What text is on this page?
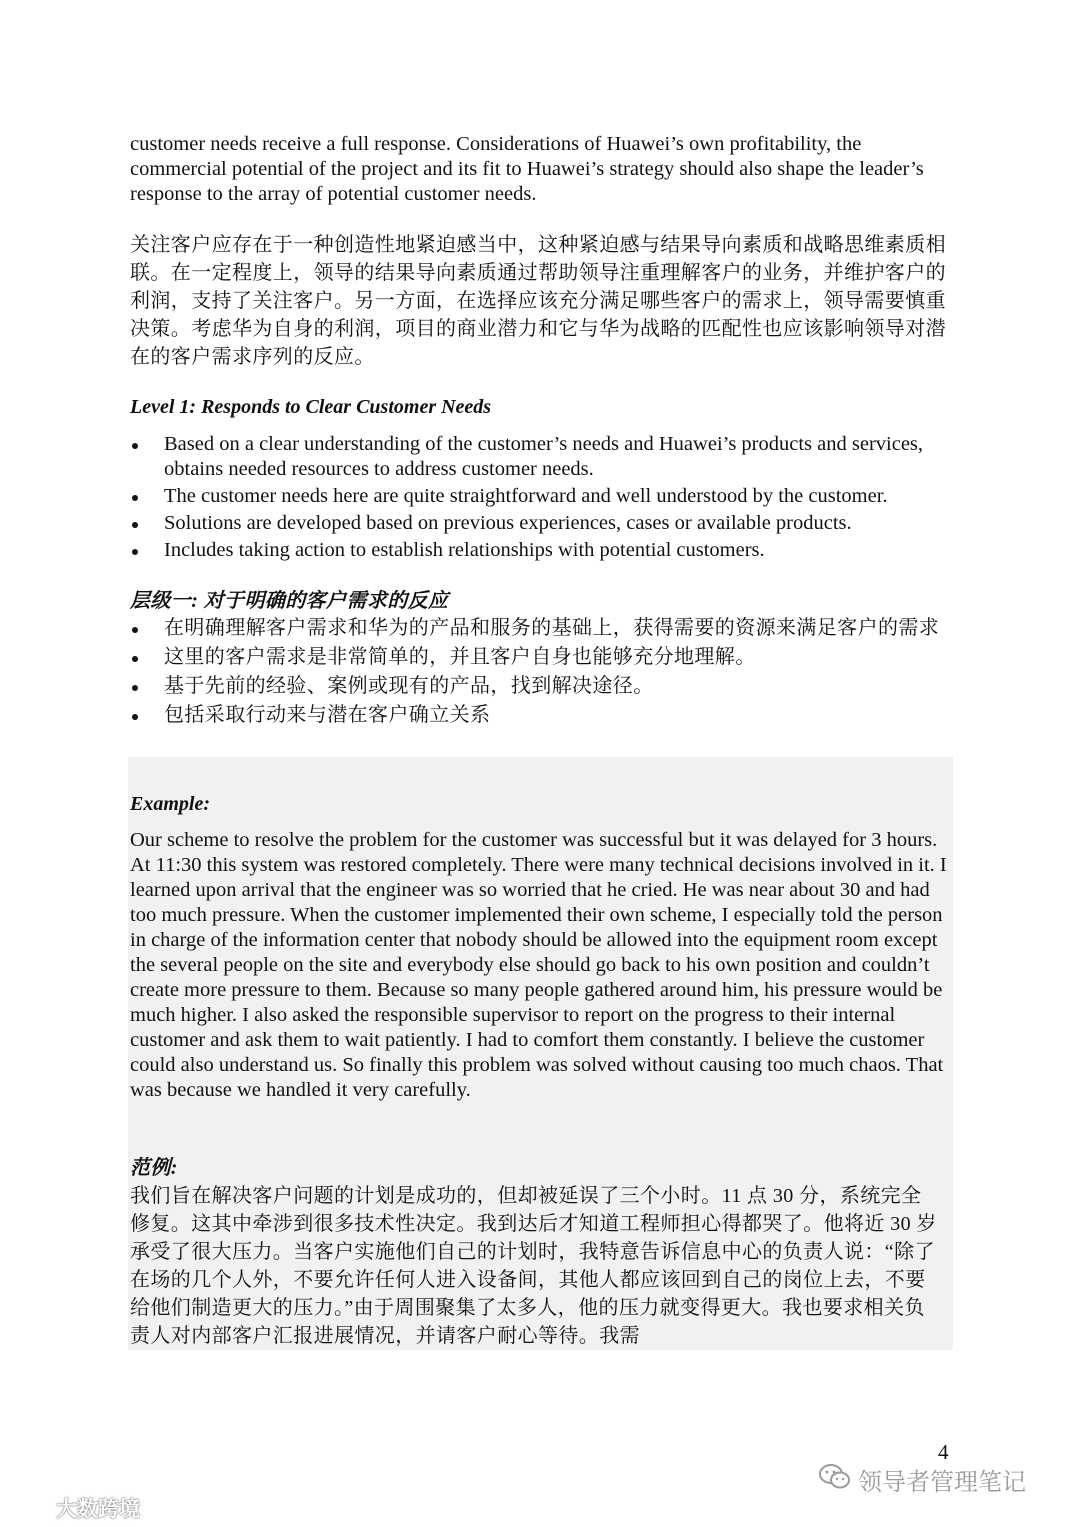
customer needs receive a full response. Considerations of Huawei’s own profitability, the commercial potential of the project and its fit to Huawei’s strategy should also shape the leader’s response to the array of potential customer needs.

关注客户应存在于一种创造性地紧迫感当中，这种紧迫感与结果导向素质和战略思维素质相联。在一定程度上，领导的结果导向素质通过帮助领导注重理解客户的业务，并维护客户的利润，支持了关注客户。另一方面，在选择应该充分满足哪些客户的需求上，领导需要慎重决策。考虑华为自身的利润，项目的商业潜力和它与华为战略的匹配性也应该影响领导对潜在的客户需求序列的反应。

Level 1: Responds to Clear Customer Needs

Based on a clear understanding of the customer’s needs and Huawei’s products and services, obtains needed resources to address customer needs.
The customer needs here are quite straightforward and well understood by the customer.
Solutions are developed based on previous experiences, cases or available products.
Includes taking action to establish relationships with potential customers.

层级一: 对于明确的客户需求的反应

在明确理解客户需求和华为的产品和服务的基础上，获得需要的资源来满足客户的需求
这里的客户需求是非常简单的，并且客户自身也能够充分地理解。
基于先前的经验、案例或现有的产品，找到解决途径。
包括采取行动来与潜在客户确立关系

Example:

Our scheme to resolve the problem for the customer was successful but it was delayed for 3 hours. At 11:30 this system was restored completely. There were many technical decisions involved in it. I learned upon arrival that the engineer was so worried that he cried. He was near about 30 and had too much pressure. When the customer implemented their own scheme, I especially told the person in charge of the information center that nobody should be allowed into the equipment room except the several people on the site and everybody else should go back to his own position and couldn’t create more pressure to them. Because so many people gathered around him, his pressure would be much higher. I also asked the responsible supervisor to report on the progress to their internal customer and ask them to wait patiently. I had to comfort them constantly. I believe the customer could also understand us. So finally this problem was solved without causing too much chaos. That was because we handled it very carefully.

范例:

我们旨在解决客户问题的计划是成功的，但却被延误了三个小时。11 点 30 分，系统完全修复。这其中牵涉到很多技术性决定。我到达后才知道工程师担心得都哭了。他将近 30 岁承受了很大压力。当客户实施他们自己的计划时，我特意告诉信息中心的负责人说：“除了在场的几个人外，不要允许任何人进入设备间，其他人都应该回到自己的岗位上去，不要给他们制造更大的压力。”由于周围聚集了太多人，他的压力就变得更大。我也要求相关负责人对内部客户汇报进展情况，并请客户耐心等待。我需

4
领导者管理笔记
大数跨境
